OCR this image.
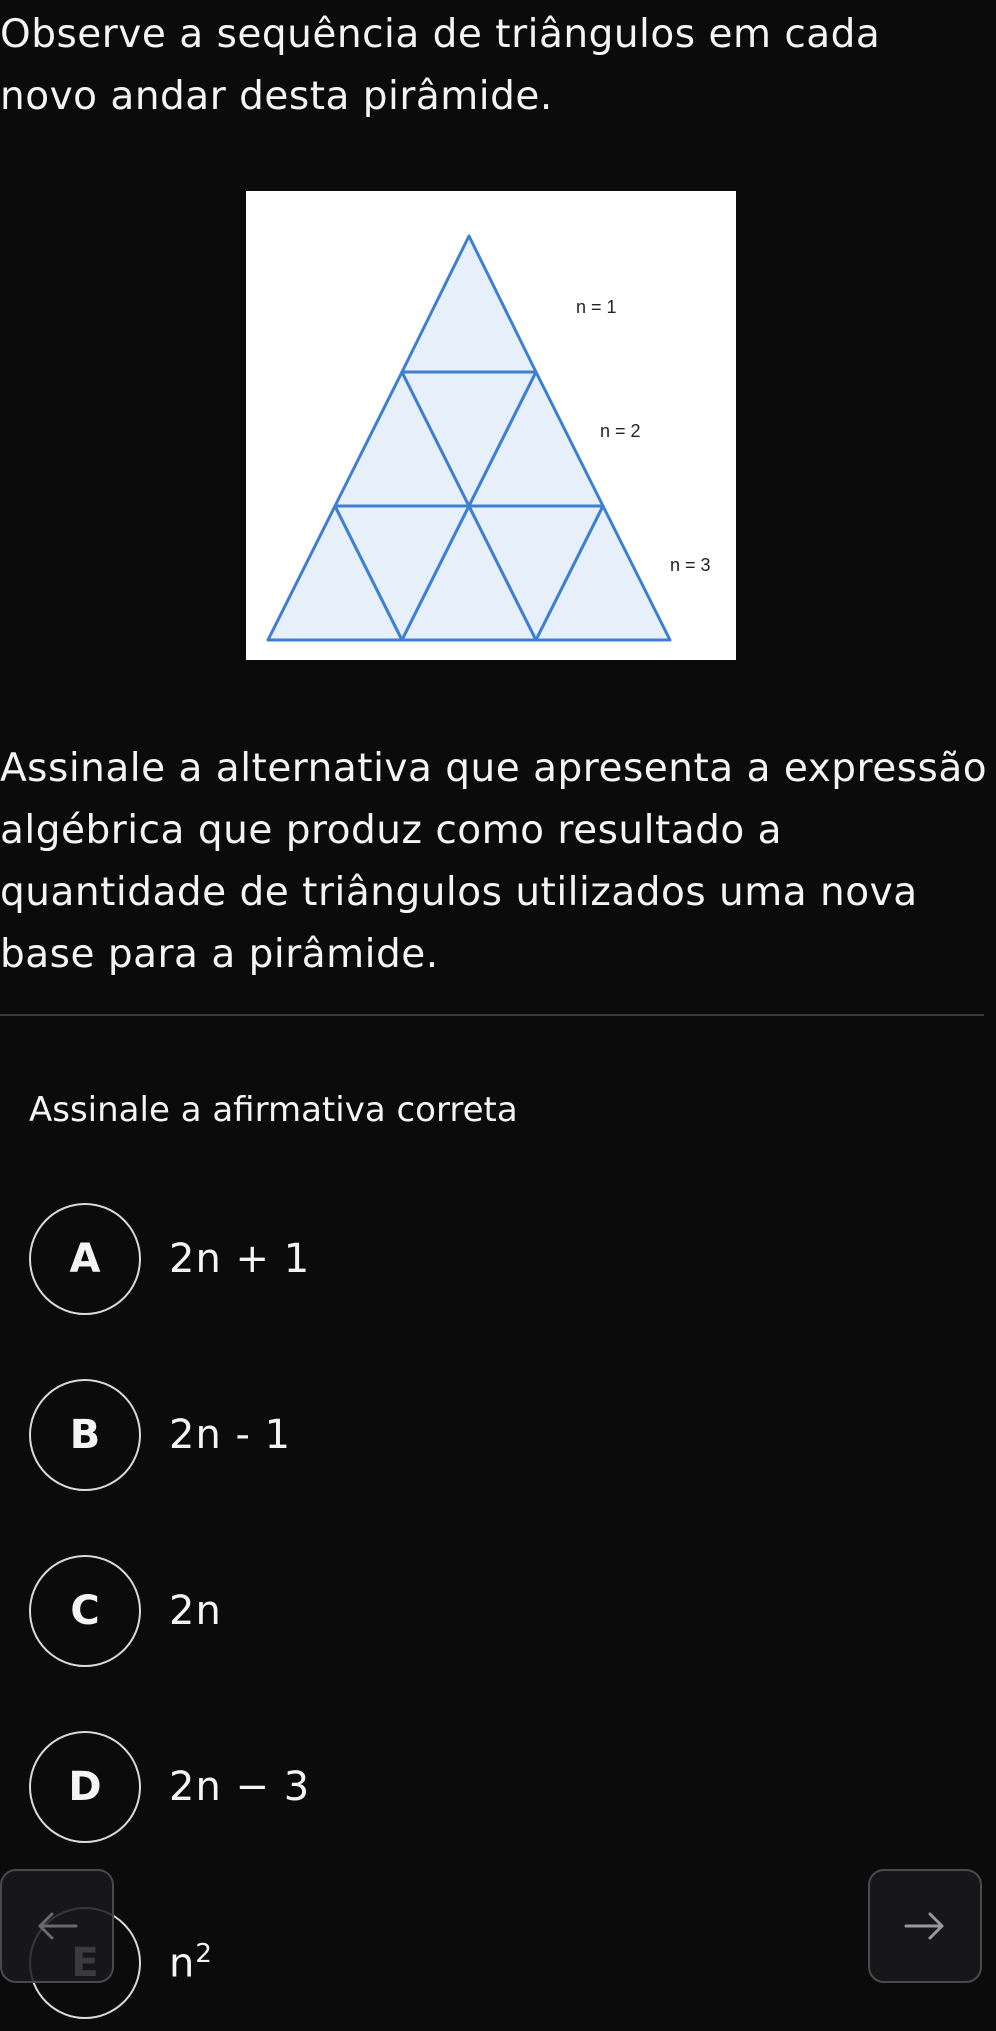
Observe a sequência de triângulos em cada novo andar desta pirâmide.

n = 1
n = 2
n = 3

Assinale a alternativa que apresenta a expressão algébrica que produz como resultado a quantidade de triângulos utilizados uma nova base para a pirâmide.

Assinale a afirmativa correta

A	2n + 1
B	2n - 1
C	2n
D	2n − 3
$n^2$
